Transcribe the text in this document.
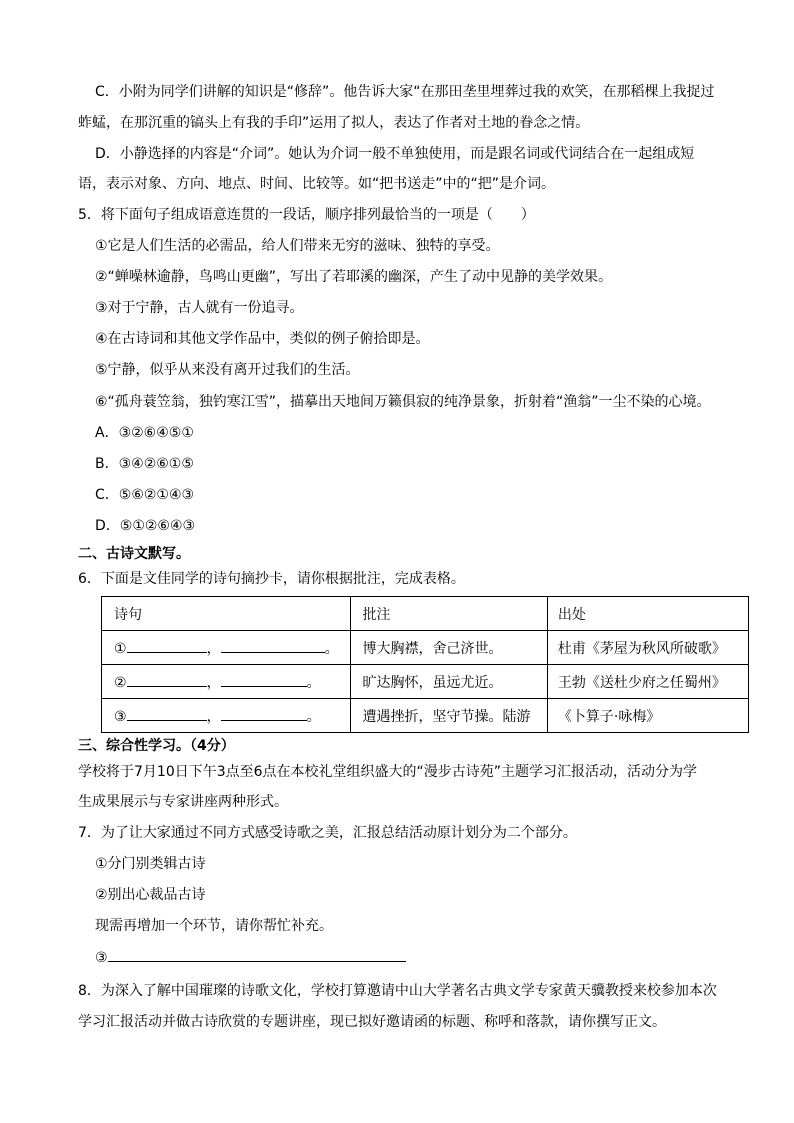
C．小附为同学们讲解的知识是“修辞”。他告诉大家“在那田垄里埋葬过我的欢笑，在那稻棵上我捉过
蚱蜢，在那沉重的镐头上有我的手印”运用了拟人，表达了作者对土地的眷念之情。
D．小静选择的内容是“介词”。她认为介词一般不单独使用，而是跟名词或代词结合在一起组成短
语，表示对象、方向、地点、时间、比较等。如“把书送走”中的“把”是介词。
5．将下面句子组成语意连贯的一段话，顺序排列最恰当的一项是（　　）
①它是人们生活的必需品，给人们带来无穷的滋味、独特的享受。
②“蝉噪林逾静，鸟鸣山更幽”，写出了若耶溪的幽深，产生了动中见静的美学效果。
③对于宁静，古人就有一份追寻。
④在古诗词和其他文学作品中，类似的例子俯拾即是。
⑤宁静，似乎从来没有离开过我们的生活。
⑥“孤舟蓑笠翁，独钓寒江雪”，描摹出天地间万籁俱寂的纯净景象，折射着“渔翁”一尘不染的心境。
A．③②⑥④⑤①
B．③④②⑥①⑤
C．⑤⑥②①④③
D．⑤①②⑥④③
二、古诗文默写。
6．下面是文佳同学的诗句摘抄卡，请你根据批注，完成表格。
诗句	批注	出处
① ， 。	博大胸襟，舍己济世。	杜甫《茅屋为秋风所破歌》
② ， 。	旷达胸怀，虽远尤近。	王勃《送杜少府之任蜀州》
③ ， 。	遭遇挫折，坚守节操。陆游	《卜算子·咏梅》
三、综合性学习。（4分）
学校将于7月10日下午3点至6点在本校礼堂组织盛大的“漫步古诗苑”主题学习汇报活动，活动分为学
生成果展示与专家讲座两种形式。
7．为了让大家通过不同方式感受诗歌之美，汇报总结活动原计划分为二个部分。
①分门别类辑古诗
②别出心裁品古诗
现需再增加一个环节，请你帮忙补充。
③
8．为深入了解中国璀璨的诗歌文化，学校打算邀请中山大学著名古典文学专家黄天骥教授来校参加本次
学习汇报活动并做古诗欣赏的专题讲座，现已拟好邀请函的标题、称呼和落款，请你撰写正文。
